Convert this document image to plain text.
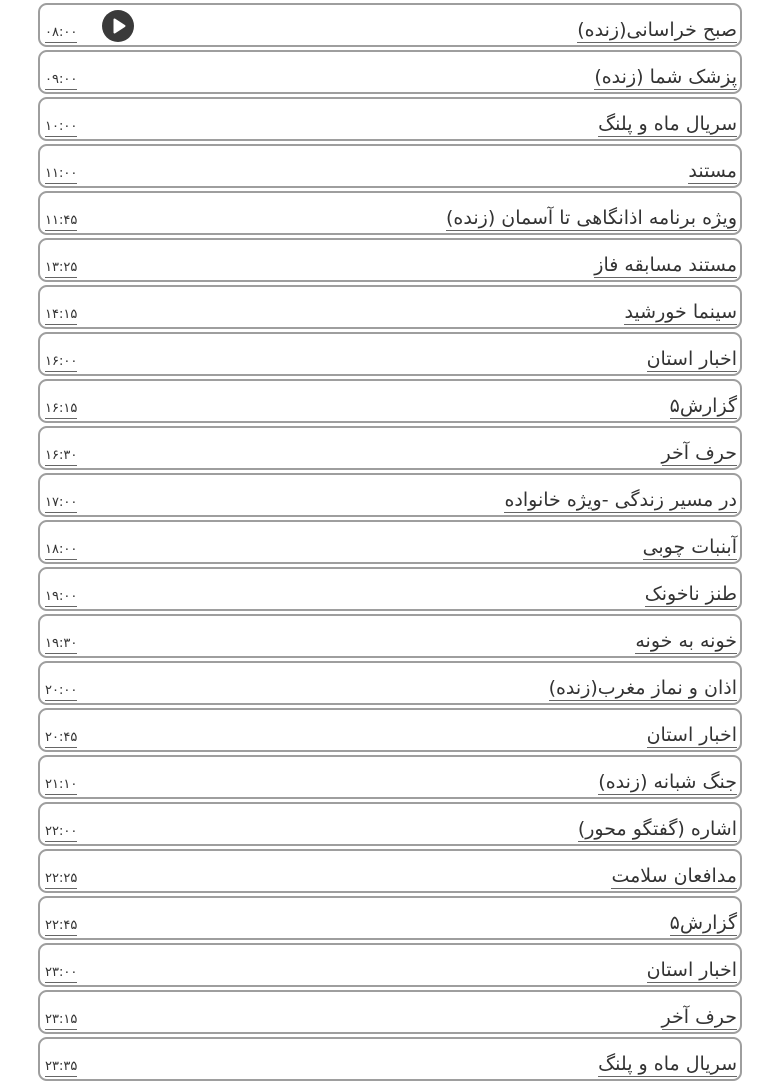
صبح خراسانی(زنده)
۰۸:۰۰
پزشک شما (زنده)
۰۹:۰۰
سریال ماه و پلنگ
۱۰:۰۰
مستند
۱۱:۰۰
ویژه برنامه اذانگاهی تا آسمان (زنده)
۱۱:۴۵
مستند مسابقه فاز
۱۳:۲۵
سینما خورشید
۱۴:۱۵
اخبار استان
۱۶:۰۰
گزارش۵
۱۶:۱۵
حرف آخر
۱۶:۳۰
در مسیر زندگی -ویژه خانواده
۱۷:۰۰
آبنبات چوبی
۱۸:۰۰
طنز ناخونک
۱۹:۰۰
خونه به خونه
۱۹:۳۰
اذان و نماز مغرب(زنده)
۲۰:۰۰
اخبار استان
۲۰:۴۵
جنگ شبانه (زنده)
۲۱:۱۰
اشاره (گفتگو محور)
۲۲:۰۰
مدافعان سلامت
۲۲:۲۵
گزارش۵
۲۲:۴۵
اخبار استان
۲۳:۰۰
حرف آخر
۲۳:۱۵
سریال ماه و پلنگ
۲۳:۳۵
